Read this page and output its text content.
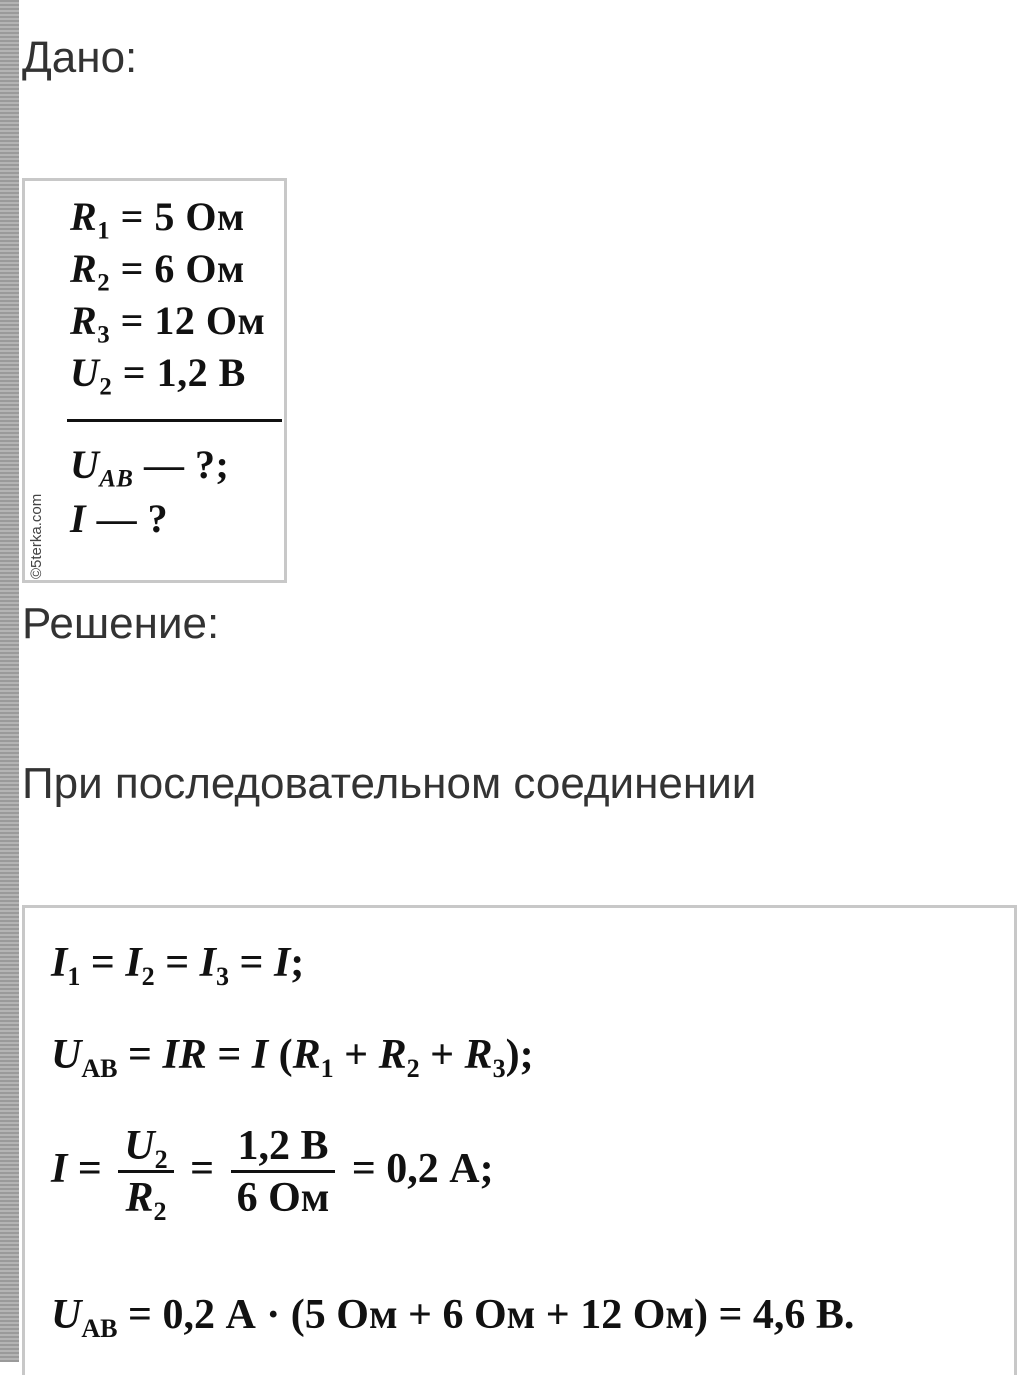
Дано:
©5terka.com
$R_1 = 5$ Ом
$R_2 = 6$ Ом
$R_3 = 12$ Ом
$U_2 = 1,2$ В
$U_{AB}$ — ?;
I — ?
Решение:
При последовательном соединении
$I_1 = I_2 = I_3 = I$;
$U_{AB}$ = IR = I $(R_1 + R_2 + R_3)$;
$I = \frac{U_2}{R_2} = \frac{1,2 В}{6 Ом} = 0,2$ А;
$U_{AB} = 0,2$ А · (5 Ом + 6 Ом + 12 Ом) = 4,6 В.
